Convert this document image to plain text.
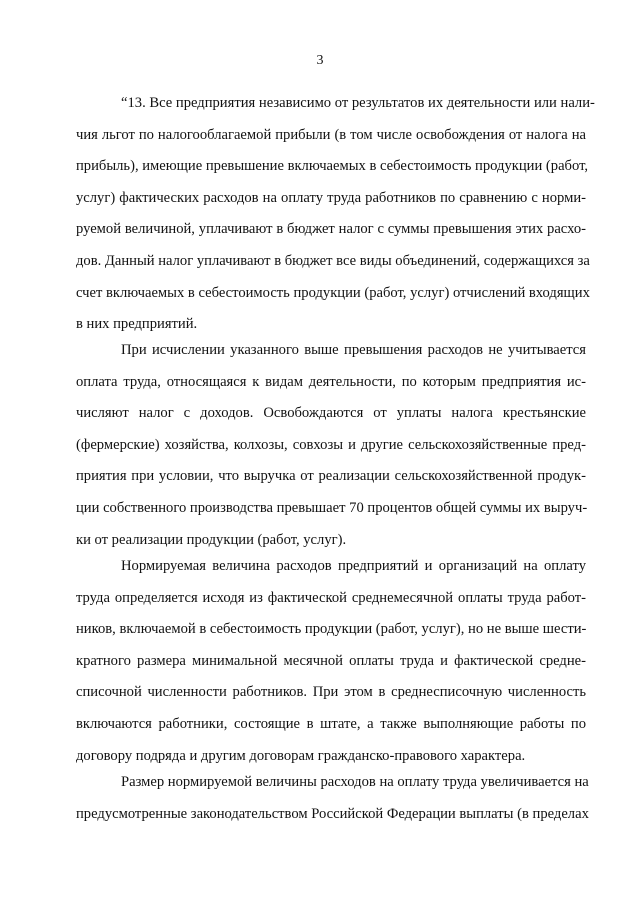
3
“13. Все предприятия независимо от результатов их деятельности или нали-
чия льгот по налогооблагаемой прибыли (в том числе освобождения от налога на
прибыль), имеющие превышение включаемых в себестоимость продукции (работ,
услуг) фактических расходов на оплату труда работников по сравнению с норми-
руемой величиной, уплачивают в бюджет налог с суммы превышения этих расхо-
дов. Данный налог уплачивают в бюджет все виды объединений, содержащихся за
счет включаемых в себестоимость продукции (работ, услуг) отчислений входящих
в них предприятий.
При исчислении указанного выше превышения расходов не учитывается
оплата труда, относящаяся к видам деятельности, по которым предприятия ис-
числяют налог с доходов. Освобождаются от уплаты налога крестьянские
(фермерские) хозяйства, колхозы, совхозы и другие сельскохозяйственные пред-
приятия при условии, что выручка от реализации сельскохозяйственной продук-
ции собственного производства превышает 70 процентов общей суммы их выруч-
ки от реализации продукции (работ, услуг).
Нормируемая величина расходов предприятий и организаций на оплату
труда определяется исходя из фактической среднемесячной оплаты труда работ-
ников, включаемой в себестоимость продукции (работ, услуг), но не выше шести-
кратного размера минимальной месячной оплаты труда и фактической средне-
списочной численности работников. При этом в среднесписочную численность
включаются работники, состоящие в штате, а также выполняющие работы по
договору подряда и другим договорам гражданско-правового характера.
Размер нормируемой величины расходов на оплату труда увеличивается на
предусмотренные законодательством Российской Федерации выплаты (в пределах
